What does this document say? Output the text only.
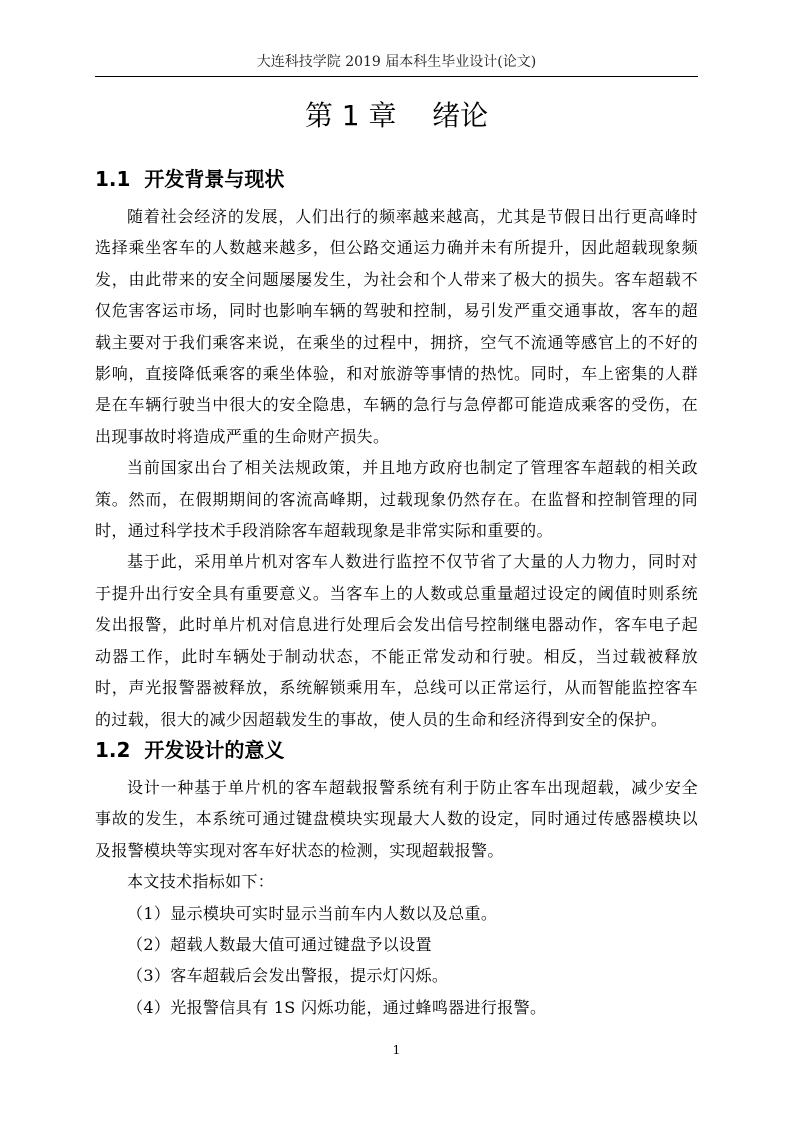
大连科技学院 2019 届本科生毕业设计(论文)
第 1 章    绪论
1.1  开发背景与现状

随着社会经济的发展，人们出行的频率越来越高，尤其是节假日出行更高峰时选择乘坐客车的人数越来越多，但公路交通运力确并未有所提升，因此超载现象频发，由此带来的安全问题屡屡发生，为社会和个人带来了极大的损失。客车超载不仅危害客运市场，同时也影响车辆的驾驶和控制，易引发严重交通事故，客车的超载主要对于我们乘客来说，在乘坐的过程中，拥挤，空气不流通等感官上的不好的影响，直接降低乘客的乘坐体验，和对旅游等事情的热忱。同时，车上密集的人群是在车辆行驶当中很大的安全隐患，车辆的急行与急停都可能造成乘客的受伤，在出现事故时将造成严重的生命财产损失。

当前国家出台了相关法规政策，并且地方政府也制定了管理客车超载的相关政策。然而，在假期期间的客流高峰期，过载现象仍然存在。在监督和控制管理的同时，通过科学技术手段消除客车超载现象是非常实际和重要的。

基于此，采用单片机对客车人数进行监控不仅节省了大量的人力物力，同时对于提升出行安全具有重要意义。当客车上的人数或总重量超过设定的阈值时则系统发出报警，此时单片机对信息进行处理后会发出信号控制继电器动作，客车电子起动器工作，此时车辆处于制动状态，不能正常发动和行驶。相反，当过载被释放时，声光报警器被释放，系统解锁乘用车，总线可以正常运行，从而智能监控客车的过载，很大的减少因超载发生的事故，使人员的生命和经济得到安全的保护。

1.2  开发设计的意义

设计一种基于单片机的客车超载报警系统有利于防止客车出现超载，减少安全事故的发生，本系统可通过键盘模块实现最大人数的设定，同时通过传感器模块以及报警模块等实现对客车好状态的检测，实现超载报警。

本文技术指标如下：

（1）显示模块可实时显示当前车内人数以及总重。

（2）超载人数最大值可通过键盘予以设置

（3）客车超载后会发出警报，提示灯闪烁。

（4）光报警信具有 1S 闪烁功能，通过蜂鸣器进行报警。

1
